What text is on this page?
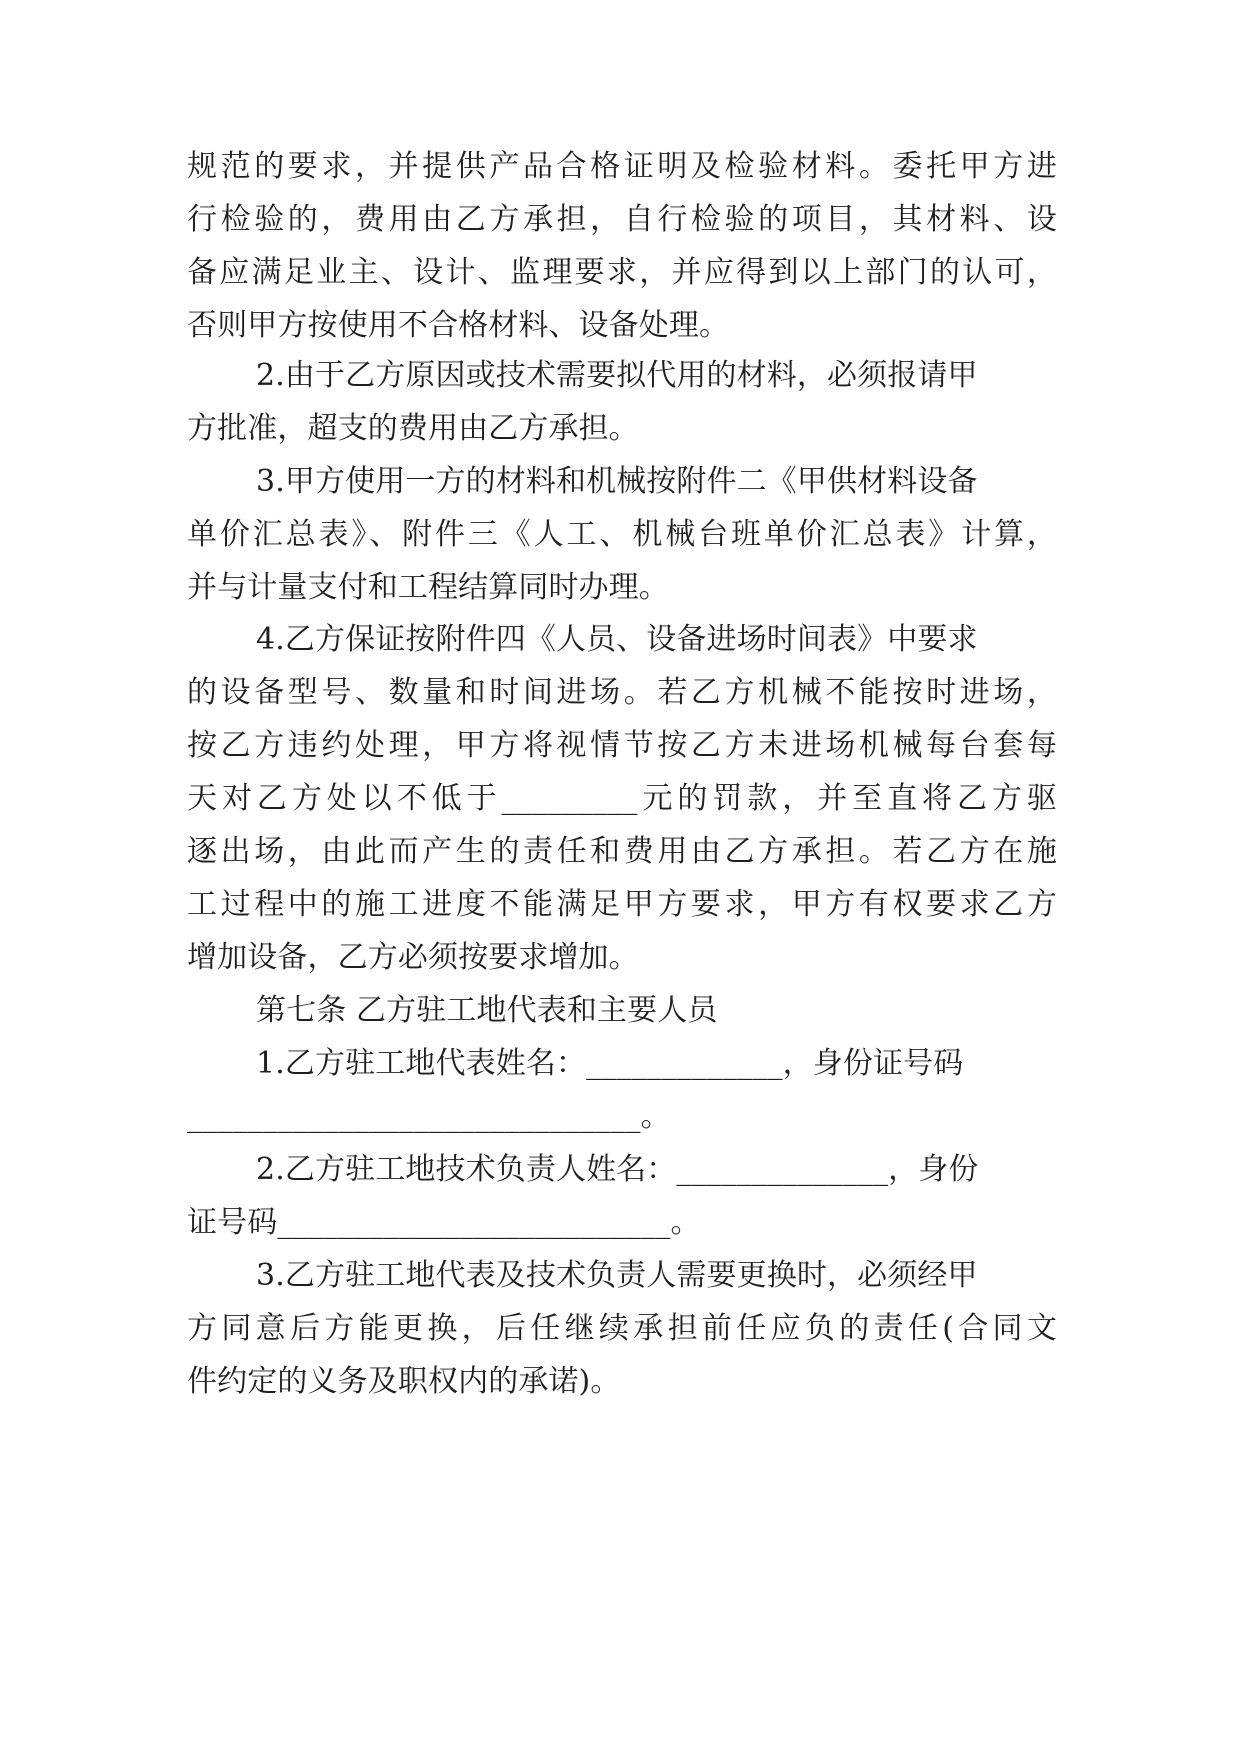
规范的要求，并提供产品合格证明及检验材料。委托甲方进

行检验的，费用由乙方承担，自行检验的项目，其材料、设

备应满足业主、设计、监理要求，并应得到以上部门的认可，

否则甲方按使用不合格材料、设备处理。

2.由于乙方原因或技术需要拟代用的材料，必须报请甲

方批准，超支的费用由乙方承担。

3.甲方使用一方的材料和机械按附件二《甲供材料设备

单价汇总表》、附件三《人工、机械台班单价汇总表》计算，

并与计量支付和工程结算同时办理。

4.乙方保证按附件四《人员、设备进场时间表》中要求

的设备型号、数量和时间进场。若乙方机械不能按时进场，

按乙方违约处理，甲方将视情节按乙方未进场机械每台套每

天对乙方处以不低于_________元的罚款，并至直将乙方驱

逐出场，由此而产生的责任和费用由乙方承担。若乙方在施

工过程中的施工进度不能满足甲方要求，甲方有权要求乙方

增加设备，乙方必须按要求增加。

第七条 乙方驻工地代表和主要人员

1.乙方驻工地代表姓名：_____________，身份证号码

______________________________。

2.乙方驻工地技术负责人姓名：______________，身份

证号码__________________________。

3.乙方驻工地代表及技术负责人需要更换时，必须经甲

方同意后方能更换，后任继续承担前任应负的责任(合同文

件约定的义务及职权内的承诺)。
